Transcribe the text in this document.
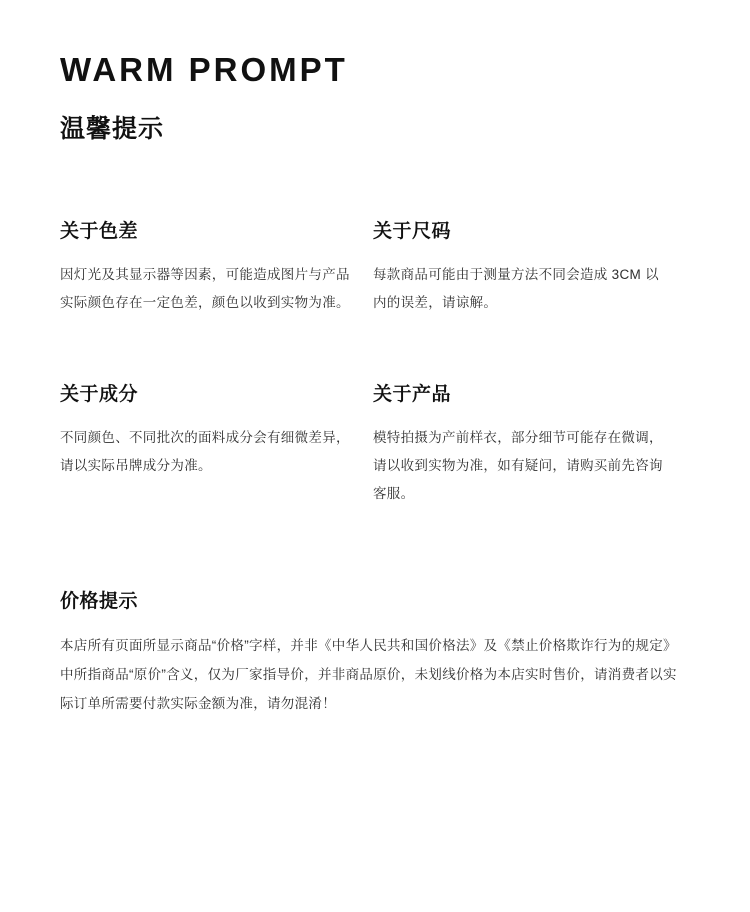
WARM PROMPT
温馨提示
关于色差

因灯光及其显示器等因素，可能造成图片与产品实际颜色存在一定色差，颜色以收到实物为准。

关于尺码

每款商品可能由于测量方法不同会造成 3CM 以内的误差，请谅解。

关于成分

不同颜色、不同批次的面料成分会有细微差异，请以实际吊牌成分为准。

关于产品

模特拍摄为产前样衣，部分细节可能存在微调，请以收到实物为准，如有疑问，请购买前先咨询客服。

价格提示

本店所有页面所显示商品“价格”字样，并非《中华人民共和国价格法》及《禁止价格欺诈行为的规定》中所指商品“原价”含义，仅为厂家指导价，并非商品原价，未划线价格为本店实时售价，请消费者以实际订单所需要付款实际金额为准，请勿混淆！
